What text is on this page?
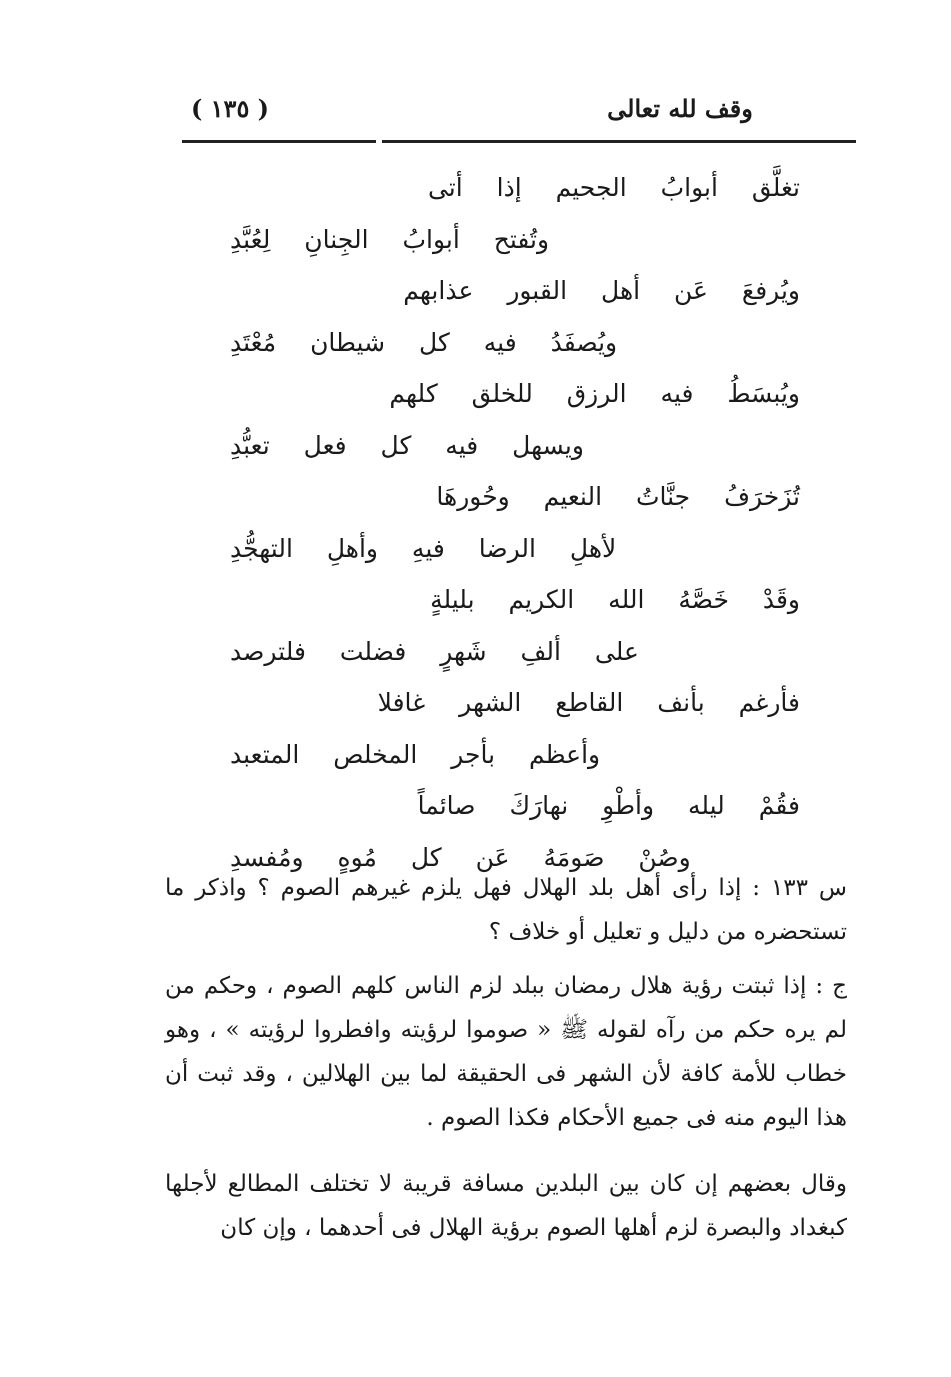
( ١٣٥ )	وقف لله تعالى
تغلَّق أبوابُ الجحيم إذا أتى
وتُفتح أبوابُ الجِنانِ لِعُبَّدِ
ويُرفعَ عَن أهل القبور عذابهم
ويُصفَدُ فيه كل شيطان مُعْتَدِ
ويُبسَطُ فيه الرزق للخلق كلهم
ويسهل فيه كل فعل تعبُّدِ
تُزَخرَفُ جنَّاتُ النعيم وحُورهَا
لأهلِ الرضا فيهِ وأهلِ التهجُّدِ
وقَدْ خَصَّهُ الله الكريم بليلةٍ
على ألفِ شَهرٍ فضلت فلترصد
فأرغم بأنف القاطع الشهر غافلا
وأعظم بأجر المخلص المتعبد
فقُمْ ليله وأطْوِ نهارَكَ صائماً
وصُنْ صَومَهُ عَن كل مُوهٍ ومُفسدِ

س ١٣٣ : إذا رأى أهل بلد الهلال فهل يلزم غيرهم الصوم ؟ واذكر ما تستحضره من دليل و تعليل أو خلاف ؟

ج : إذا ثبتت رؤية هلال رمضان ببلد لزم الناس كلهم الصوم ، وحكم من لم يره حكم من رآه لقوله ﷺ « صوموا لرؤيته وافطروا لرؤيته » ، وهو خطاب للأمة كافة لأن الشهر فى الحقيقة لما بين الهلالين ، وقد ثبت أن هذا اليوم منه فى جميع الأحكام فكذا الصوم .

وقال بعضهم إن كان بين البلدين مسافة قريبة لا تختلف المطالع لأجلها كبغداد والبصرة لزم أهلها الصوم برؤية الهلال فى أحدهما ، وإن كان
